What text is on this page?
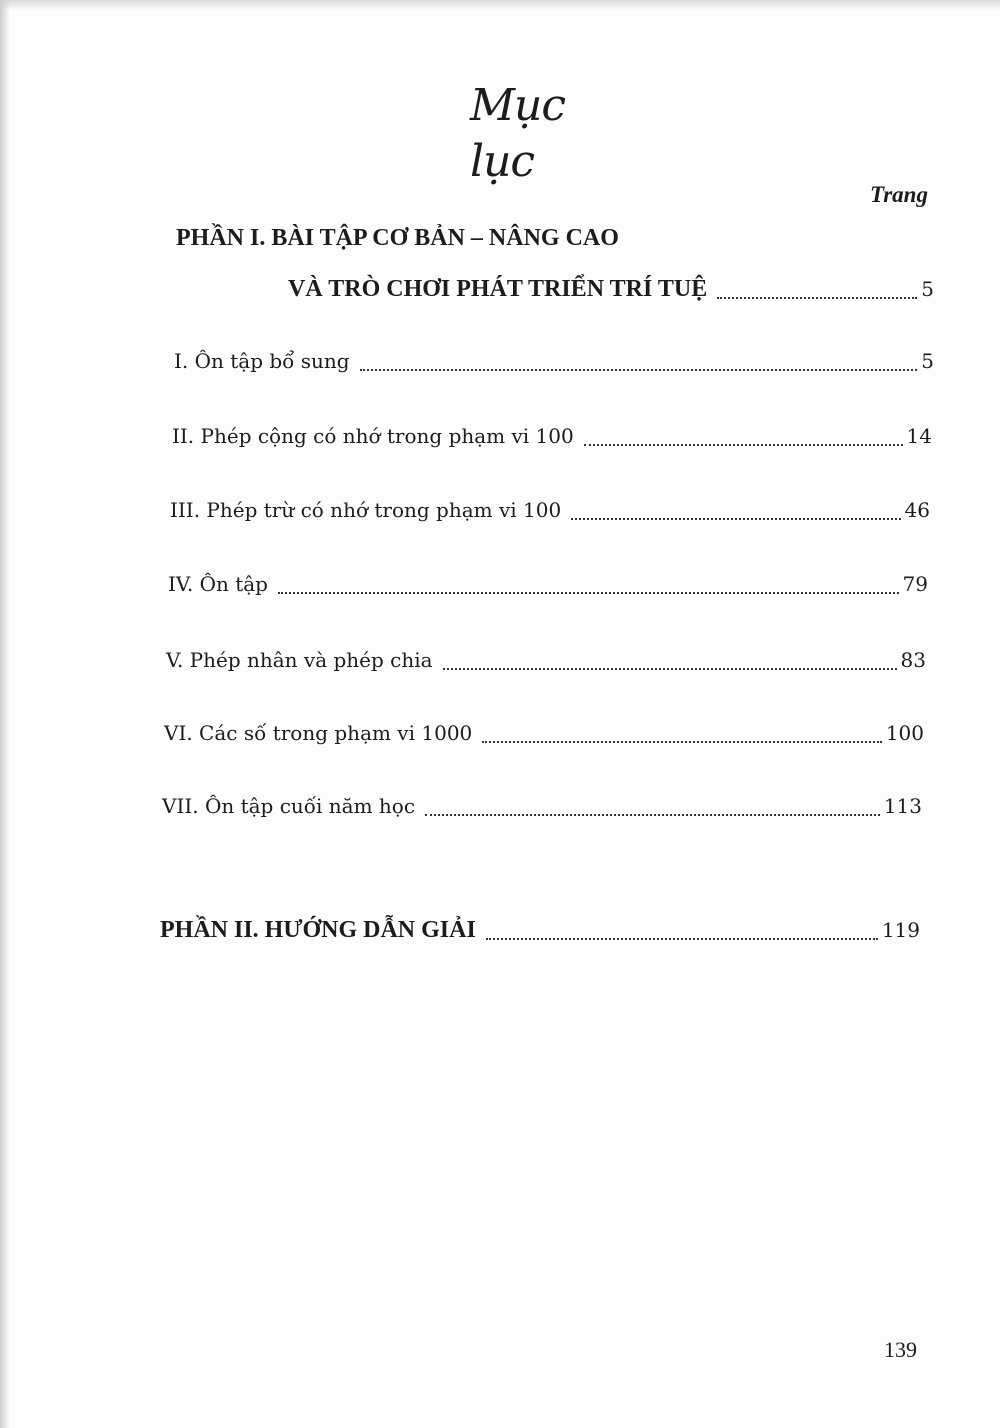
Mục lục
Trang
PHẦN I. BÀI TẬP CƠ BẢN – NÂNG CAO
VÀ TRÒ CHƠI PHÁT TRIỂN TRÍ TUỆ	5
I. Ôn tập bổ sung	5
II. Phép cộng có nhớ trong phạm vi 100	14
III. Phép trừ có nhớ trong phạm vi 100	46
IV. Ôn tập	79
V. Phép nhân và phép chia	83
VI. Các số trong phạm vi 1000	100
VII. Ôn tập cuối năm học	113
PHẦN II. HƯỚNG DẪN GIẢI	119
139
